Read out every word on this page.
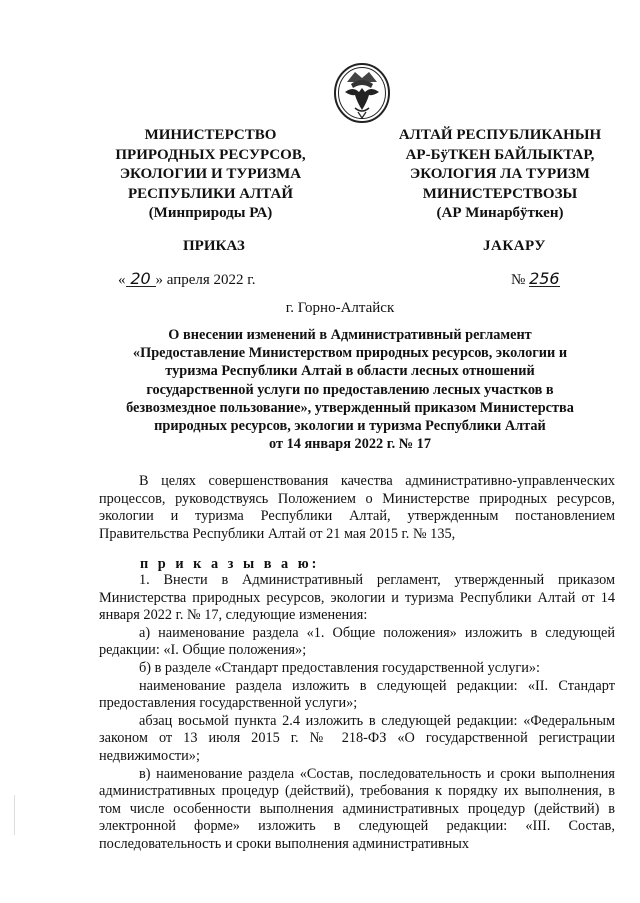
МИНИСТЕРСТВО
ПРИРОДНЫХ РЕСУРСОВ,
ЭКОЛОГИИ И ТУРИЗМА
РЕСПУБЛИКИ АЛТАЙ
(Минприроды РА)
АЛТАЙ РЕСПУБЛИКАНЫН
АР-БÿТКЕН БАЙЛЫКТАР,
ЭКОЛОГИЯ ЛА ТУРИЗМ
МИНИСТЕРСТВОЗЫ
(АР Минарбÿткен)
ПРИКАЗ	JАКАРУ
« 20 » апреля 2022 г.	№ 256
г. Горно-Алтайск
О внесении изменений в Административный регламент
«Предоставление Министерством природных ресурсов, экологии и
туризма Республики Алтай в области лесных отношений
государственной услуги по предоставлению лесных участков в
безвозмездное пользование», утвержденный приказом Министерства
природных ресурсов, экологии и туризма Республики Алтай
от 14 января 2022 г. № 17

В целях совершенствования качества административно-управленческих процессов, руководствуясь Положением о Министерстве природных ресурсов, экологии и туризма Республики Алтай, утвержденным постановлением Правительства Республики Алтай от 21 мая 2015 г. № 135,

п р и к а з ы в а ю:

1. Внести в Административный регламент, утвержденный приказом Министерства природных ресурсов, экологии и туризма Республики Алтай от 14 января 2022 г. № 17, следующие изменения:

а) наименование раздела «1. Общие положения» изложить в следующей редакции: «I. Общие положения»;

б) в разделе «Стандарт предоставления государственной услуги»:

наименование раздела изложить в следующей редакции: «II. Стандарт предоставления государственной услуги»;

абзац восьмой пункта 2.4 изложить в следующей редакции: «Федеральным законом от 13 июля 2015 г. № 218-ФЗ «О государственной регистрации недвижимости»;

в) наименование раздела «Состав, последовательность и сроки выполнения административных процедур (действий), требования к порядку их выполнения, в том числе особенности выполнения административных процедур (действий) в электронной форме» изложить в следующей редакции: «III. Состав, последовательность и сроки выполнения административных
